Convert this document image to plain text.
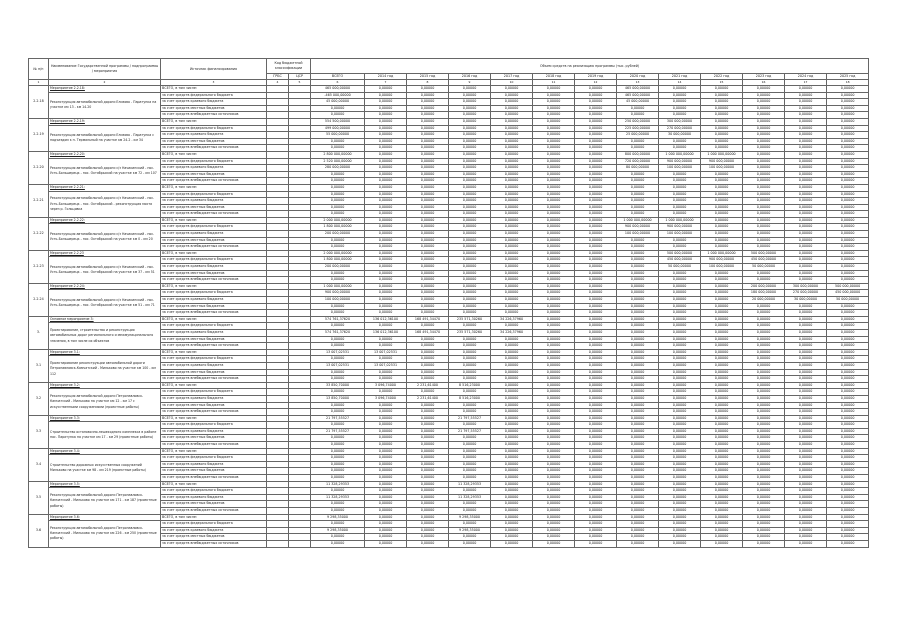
№ п/п	Наименование Государственной программы / подпрограммы / мероприятия	Источник финансирования	Код бюджетной классификации		Объем средств на реализацию программы (тыс. рублей)												
			ГРБС	ЦСР	ВСЕГО	2014 год	2015 год	2016 год	2017 год	2018 год	2019 год	2020 год	2021 год	2022 год	2023 год	2024 год	2025 год
1	2	3	4	5	6	7	8	9	10	11	12	13	14	15	16	17	18
2.2.18	Мероприятие 2.2.18:	ВСЕГО, в том числе:			465 000,00000	0,00000	0,00000	0,00000	0,00000	0,00000	0,00000	465 000,00000	0,00000	0,00000	0,00000	0,00000	0,00000
	Реконструкция автомобильной дороги Елизово - Паратунка на участке км 13 - км 14.20	за счет средств федерального бюджета			-465 000,00000	0,00000	0,00000	0,00000	0,00000	0,00000	0,00000	465 000,00000	0,00000	0,00000	0,00000	0,00000	0,00000
		за счет средств краевого бюджета			45 000,00000	0,00000	0,00000	0,00000	0,00000	0,00000	0,00000	45 000,00000	0,00000	0,00000	0,00000	0,00000	0,00000
		за счет средств местных бюджетов			0,00000	0,00000	0,00000	0,00000	0,00000	0,00000	0,00000	0,00000	0,00000	0,00000	0,00000	0,00000	0,00000
		за счет средств внебюджетных источников			0,00000	0,00000	0,00000	0,00000	0,00000	0,00000	0,00000	0,00000	0,00000	0,00000	0,00000	0,00000	0,00000
2.2.19	Мероприятие 2.2.19:	ВСЕГО, в том числе:			554 500,00000	0,00000	0,00000	0,00000	0,00000	0,00000	0,00000	250 000,00000	300 000,00000	0,00000	0,00000	0,00000	0,00000
	Реконструкция автомобильной дороги Елизово - Паратунка с подъездом к п. Термальный на участке км 24.2 - км 34	за счет средств федерального бюджета			499 000,00000	0,00000	0,00000	0,00000	0,00000	0,00000	0,00000	225 000,00000	270 000,00000	0,00000	0,00000	0,00000	0,00000
		за счет средств краевого бюджета			55 000,00000	0,00000	0,00000	0,00000	0,00000	0,00000	0,00000	25 000,00000	30 000,00000	0,00000	0,00000	0,00000	0,00000
		за счет средств местных бюджетов			0,00000	0,00000	0,00000	0,00000	0,00000	0,00000	0,00000	0,00000	0,00000	0,00000	0,00000	0,00000	0,00000
		за счет средств внебюджетных источников			0,00000	0,00000	0,00000	0,00000	0,00000	0,00000	0,00000	0,00000	0,00000	0,00000	0,00000	0,00000	0,00000
2.2.20	Мероприятие 2.2.20:	ВСЕГО, в том числе:			2 800 000,00000	0,00000	0,00000	0,00000	0,00000	0,00000	0,00000	800 000,00000	1 000 000,00000	1 000 000,00000	0,00000	0,00000	0,00000
	Реконструкция автомобильной дороги с/з Начикинский - пос. Усть-Большерецк - пос. Октябрьский на участке км 72 - км 107	за счет средств федерального бюджета			2 520 000,00000	0,00000	0,00000	0,00000	0,00000	0,00000	0,00000	720 000,00000	900 000,00000	900 000,00000	0,00000	0,00000	0,00000
		за счет средств краевого бюджета			280 000,00000	0,00000	0,00000	0,00000	0,00000	0,00000	0,00000	80 000,00000	100 000,00000	100 000,00000	0,00000	0,00000	0,00000
		за счет средств местных бюджетов			0,00000	0,00000	0,00000	0,00000	0,00000	0,00000	0,00000	0,00000	0,00000	0,00000	0,00000	0,00000	0,00000
		за счет средств внебюджетных источников			0,00000	0,00000	0,00000	0,00000	0,00000	0,00000	0,00000	0,00000	0,00000	0,00000	0,00000	0,00000	0,00000
2.2.21	Мероприятие 2.2.21:	ВСЕГО, в том числе:			0,00000	0,00000	0,00000	0,00000	0,00000	0,00000	0,00000	0,00000	0,00000	0,00000	0,00000	0,00000	0,00000
	Реконструкция автомобильной дороги с/з Начикинский - пос. Усть-Большерецк - пос. Октябрьский - реконструкция моста через р. Гольцовка	за счет средств федерального бюджета			0,00000	0,00000	0,00000	0,00000	0,00000	0,00000	0,00000	0,00000	0,00000	0,00000	0,00000	0,00000	0,00000
		за счет средств краевого бюджета			0,00000	0,00000	0,00000	0,00000	0,00000	0,00000	0,00000	0,00000	0,00000	0,00000	0,00000	0,00000	0,00000
		за счет средств местных бюджетов			0,00000	0,00000	0,00000	0,00000	0,00000	0,00000	0,00000	0,00000	0,00000	0,00000	0,00000	0,00000	0,00000
		за счет средств внебюджетных источников			0,00000	0,00000	0,00000	0,00000	0,00000	0,00000	0,00000	0,00000	0,00000	0,00000	0,00000	0,00000	0,00000
2.2.22	Мероприятие 2.2.22:	ВСЕГО, в том числе:			2 000 000,00000	0,00000	0,00000	0,00000	0,00000	0,00000	0,00000	1 000 000,00000	1 000 000,00000	0,00000	0,00000	0,00000	0,00000
	Реконструкция автомобильной дороги с/з Начикинский - пос. Усть-Большерецк - пос. Октябрьский на участке км 0 - км 20	за счет средств федерального бюджета			1 800 000,00000	0,00000	0,00000	0,00000	0,00000	0,00000	0,00000	900 000,00000	900 000,00000	0,00000	0,00000	0,00000	0,00000
		за счет средств краевого бюджета			200 000,00000	0,00000	0,00000	0,00000	0,00000	0,00000	0,00000	100 000,00000	100 000,00000	0,00000	0,00000	0,00000	0,00000
		за счет средств местных бюджетов			0,00000	0,00000	0,00000	0,00000	0,00000	0,00000	0,00000	0,00000	0,00000	0,00000	0,00000	0,00000	0,00000
		за счет средств внебюджетных источников			0,00000	0,00000	0,00000	0,00000	0,00000	0,00000	0,00000	0,00000	0,00000	0,00000	0,00000	0,00000	0,00000
2.2.23	Мероприятие 2.2.23	ВСЕГО, в том числе:			2 000 000,00000	0,00000	0,00000	0,00000	0,00000	0,00000	0,00000	0,00000	500 000,00000	1 000 000,00000	500 000,00000	0,00000	0,00000
	Реконструкция автомобильной дороги с/з Начикинский - пос. Усть-Большерецк - пос. Октябрьский на участке км 37 - км 51	за счет средств федерального бюджета			1 800 000,00000	0,00000	0,00000	0,00000	0,00000	0,00000	0,00000	0,00000	450 000,00000	900 000,00000	450 000,00000	0,00000	0,00000
		за счет средств краевого бюджета			200 000,00000	0,00000	0,00000	0,00000	0,00000	0,00000	0,00000	0,00000	50 000,00000	100 000,00000	50 000,00000	0,00000	0,00000
		за счет средств местных бюджетов			0,00000	0,00000	0,00000	0,00000	0,00000	0,00000	0,00000	0,00000	0,00000	0,00000	0,00000	0,00000	0,00000
		за счет средств внебюджетных источников			0,00000	0,00000	0,00000	0,00000	0,00000	0,00000	0,00000	0,00000	0,00000	0,00000	0,00000	0,00000	0,00000
2.2.24	Мероприятие 2.2.24:	ВСЕГО, в том числе:			1 000 000,00000	0,00000	0,00000	0,00000	0,00000	0,00000	0,00000	0,00000	0,00000	0,00000	200 000,00000	300 000,00000	500 000,00000
	Реконструкция автомобильной дороги с/з Начикинский - пос. Усть-Большерецк - пос. Октябрьский на участке км 51 - км 71	за счет средств федерального бюджета			900 000,00000	0,00000	0,00000	0,00000	0,00000	0,00000	0,00000	0,00000	0,00000	0,00000	180 000,00000	270 000,00000	450 000,00000
		за счет средств краевого бюджета			100 000,00000	0,00000	0,00000	0,00000	0,00000	0,00000	0,00000	0,00000	0,00000	0,00000	20 000,00000	30 000,00000	50 000,00000
		за счет средств местных бюджетов			0,00000	0,00000	0,00000	0,00000	0,00000	0,00000	0,00000	0,00000	0,00000	0,00000	0,00000	0,00000	0,00000
		за счет средств внебюджетных источников			0,00000	0,00000	0,00000	0,00000	0,00000	0,00000	0,00000	0,00000	0,00000	0,00000	0,00000	0,00000	0,00000
3.	Основное мероприятие 3:	ВСЕГО, в том числе:			574 761,37620	136 012,36100	168 491,34470	235 571,30260	34 226,37960	0,00000	0,00000	0,00000	0,00000	0,00000	0,00000	0,00000	0,00000
	Проектирование, строительство и реконструкция автомобильных дорог регионального и межмуниципального значения, в том числе их объектов	за счет средств федерального бюджета			0,00000	0,00000	0,00000	0,00000	0,00000	0,00000	0,00000	0,00000	0,00000	0,00000	0,00000	0,00000	0,00000
		за счет средств краевого бюджета			574 761,37620	136 012,36100	168 491,34470	235 571,30260	34 226,37960	0,00000	0,00000	0,00000	0,00000	0,00000	0,00000	0,00000	0,00000
		за счет средств местных бюджетов			0,00000	0,00000	0,00000	0,00000	0,00000	0,00000	0,00000	0,00000	0,00000	0,00000	0,00000	0,00000	0,00000
		за счет средств внебюджетных источников			0,00000	0,00000	0,00000	0,00000	0,00000	0,00000	0,00000	0,00000	0,00000	0,00000	0,00000	0,00000	0,00000
3.1	Мероприятие 3.1:	ВСЕГО, в том числе:			13 007,02531	13 007,02531	0,00000	0,00000	0,00000	0,00000	0,00000	0,00000	0,00000	0,00000	0,00000	0,00000	0,00000
	Проектирование реконструкции автомобильной дороги Петропавловск-Камчатский - Мильково на участке км 100 - км 112	за счет средств федерального бюджета			0,00000	0,00000	0,00000	0,00000	0,00000	0,00000	0,00000	0,00000	0,00000	0,00000	0,00000	0,00000	0,00000
		за счет средств краевого бюджета			13 007,02531	13 007,02531	0,00000	0,00000	0,00000	0,00000	0,00000	0,00000	0,00000	0,00000	0,00000	0,00000	0,00000
		за счет средств местных бюджетов			0,00000	0,00000	0,00000	0,00000	0,00000	0,00000	0,00000	0,00000	0,00000	0,00000	0,00000	0,00000	0,00000
		за счет средств внебюджетных источников			0,00000	0,00000	0,00000	0,00000	0,00000	0,00000	0,00000	0,00000	0,00000	0,00000	0,00000	0,00000	0,00000
3.2	Мероприятие 3.2:	ВСЕГО, в том числе:			33 850,70000	3 096,74000	2 231,61400	8 516,23000	0,00000	0,00000	0,00000	0,00000	0,00000	0,00000	0,00000	0,00000	0,00000
	Реконструкция автомобильной дороги Петропавловск-Камчатский - Мильково на участке км 12 - км 17 с искусственными сооружениями (проектные работы)	за счет средств федерального бюджета			0,00000	0,00000	0,00000	0,00000	0,00000	0,00000	0,00000	0,00000	0,00000	0,00000	0,00000	0,00000	0,00000
		за счет средств краевого бюджета			13 850,70000	3 096,74000	2 231,61400	8 516,23000	0,00000	0,00000	0,00000	0,00000	0,00000	0,00000	0,00000	0,00000	0,00000
		за счет средств местных бюджетов			0,00000	0,00000	0,00000	0,00000	0,00000	0,00000	0,00000	0,00000	0,00000	0,00000	0,00000	0,00000	0,00000
		за счет средств внебюджетных источников			0,00000	0,00000	0,00000	0,00000	0,00000	0,00000	0,00000	0,00000	0,00000	0,00000	0,00000	0,00000	0,00000
3.3	Мероприятие 3.3:	ВСЕГО, в том числе:			21 797,55527	0,00000	0,00000	21 797,55527	0,00000	0,00000	0,00000	0,00000	0,00000	0,00000	0,00000	0,00000	0,00000
	Строительство остановочно-пешеходного комплекса в районе пос. Паратунка на участке км 17 - км 29 (проектные работы)	за счет средств федерального бюджета			0,00000	0,00000	0,00000	0,00000	0,00000	0,00000	0,00000	0,00000	0,00000	0,00000	0,00000	0,00000	0,00000
		за счет средств краевого бюджета			21 797,55527	0,00000	0,00000	21 797,55527	0,00000	0,00000	0,00000	0,00000	0,00000	0,00000	0,00000	0,00000	0,00000
		за счет средств местных бюджетов			0,00000	0,00000	0,00000	0,00000	0,00000	0,00000	0,00000	0,00000	0,00000	0,00000	0,00000	0,00000	0,00000
		за счет средств внебюджетных источников			0,00000	0,00000	0,00000	0,00000	0,00000	0,00000	0,00000	0,00000	0,00000	0,00000	0,00000	0,00000	0,00000
3.4	Мероприятие 3.4:	ВСЕГО, в том числе:			0,00000	0,00000	0,00000	0,00000	0,00000	0,00000	0,00000	0,00000	0,00000	0,00000	0,00000	0,00000	0,00000
	Строительство дорожных искусственных сооружений Мильково на участке км 98 - км 219 (проектные работы)	за счет средств федерального бюджета			0,00000	0,00000	0,00000	0,00000	0,00000	0,00000	0,00000	0,00000	0,00000	0,00000	0,00000	0,00000	0,00000
		за счет средств краевого бюджета			0,00000	0,00000	0,00000	0,00000	0,00000	0,00000	0,00000	0,00000	0,00000	0,00000	0,00000	0,00000	0,00000
		за счет средств местных бюджетов			0,00000	0,00000	0,00000	0,00000	0,00000	0,00000	0,00000	0,00000	0,00000	0,00000	0,00000	0,00000	0,00000
		за счет средств внебюджетных источников			0,00000	0,00000	0,00000	0,00000	0,00000	0,00000	0,00000	0,00000	0,00000	0,00000	0,00000	0,00000	0,00000
3.5	Мероприятие 3.5:	ВСЕГО, в том числе:			11 328,29353	0,00000	0,00000	11 328,29353	0,00000	0,00000	0,00000	0,00000	0,00000	0,00000	0,00000	0,00000	0,00000
	Реконструкция автомобильной дороги Петропавловск-Камчатский - Мильково на участке км 171 - км 187 (проектные работы)	за счет средств федерального бюджета			0,00000	0,00000	0,00000	0,00000	0,00000	0,00000	0,00000	0,00000	0,00000	0,00000	0,00000	0,00000	0,00000
		за счет средств краевого бюджета			11 328,29353	0,00000	0,00000	11 328,29353	0,00000	0,00000	0,00000	0,00000	0,00000	0,00000	0,00000	0,00000	0,00000
		за счет средств местных бюджетов			0,00000	0,00000	0,00000	0,00000	0,00000	0,00000	0,00000	0,00000	0,00000	0,00000	0,00000	0,00000	0,00000
		за счет средств внебюджетных источников			0,00000	0,00000	0,00000	0,00000	0,00000	0,00000	0,00000	0,00000	0,00000	0,00000	0,00000	0,00000	0,00000
3.6	Мероприятие 3.6:	ВСЕГО, в том числе:			9 298,35000	0,00000	0,00000	9 298,35000	0,00000	0,00000	0,00000	0,00000	0,00000	0,00000	0,00000	0,00000	0,00000
	Реконструкция автомобильной дороги Петропавловск-Камчатский - Мильково на участке км 226 - км 250 (проектные работы)	за счет средств федерального бюджета			0,00000	0,00000	0,00000	0,00000	0,00000	0,00000	0,00000	0,00000	0,00000	0,00000	0,00000	0,00000	0,00000
		за счет средств краевого бюджета			9 298,35000	0,00000	0,00000	9 298,35000	0,00000	0,00000	0,00000	0,00000	0,00000	0,00000	0,00000	0,00000	0,00000
		за счет средств местных бюджетов			0,00000	0,00000	0,00000	0,00000	0,00000	0,00000	0,00000	0,00000	0,00000	0,00000	0,00000	0,00000	0,00000
		за счет средств внебюджетных источников			0,00000	0,00000	0,00000	0,00000	0,00000	0,00000	0,00000	0,00000	0,00000	0,00000	0,00000	0,00000	0,00000
